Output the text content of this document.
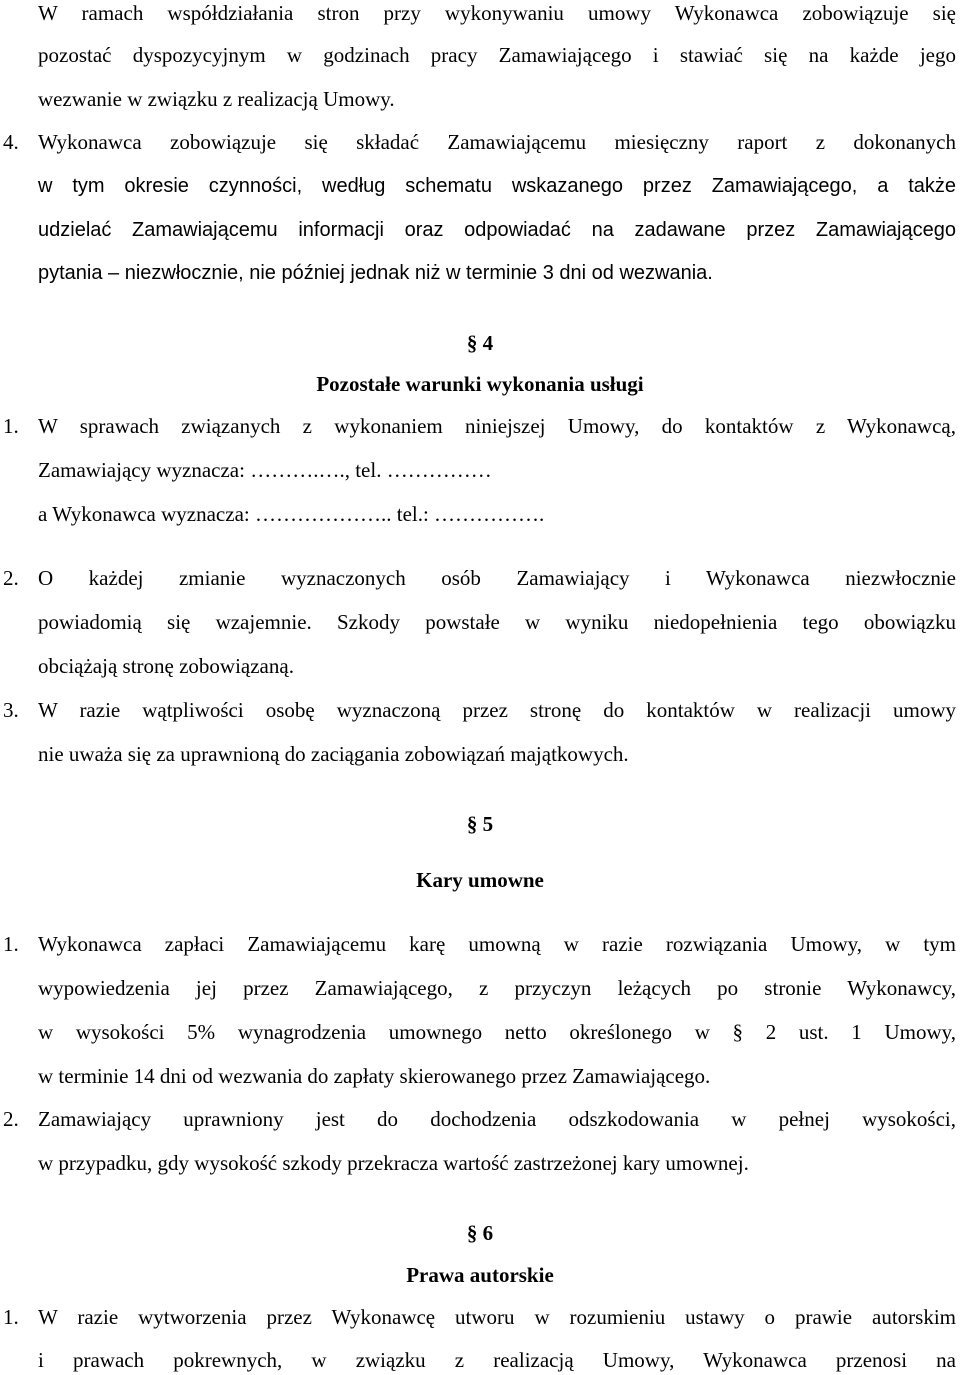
W ramach współdziałania stron przy wykonywaniu umowy Wykonawca zobowiązuje się
pozostać dyspozycyjnym w godzinach pracy Zamawiającego i stawiać się na każde jego
wezwanie w związku z realizacją Umowy.
4. Wykonawca zobowiązuje się składać Zamawiającemu miesięczny raport z dokonanych
w tym okresie czynności, według schematu wskazanego przez Zamawiającego, a także
udzielać Zamawiającemu informacji oraz odpowiadać na zadawane przez Zamawiającego
pytania – niezwłocznie, nie później jednak niż w terminie 3 dni od wezwania.
§ 4
Pozostałe warunki wykonania usługi
1. W sprawach związanych z wykonaniem niniejszej Umowy, do kontaktów z Wykonawcą,
Zamawiający wyznacza: ……….…., tel. ……………
a Wykonawca wyznacza: ……………….. tel.: …………….
2. O każdej zmianie wyznaczonych osób Zamawiający i Wykonawca niezwłocznie
powiadomią się wzajemnie. Szkody powstałe w wyniku niedopełnienia tego obowiązku
obciążają stronę zobowiązaną.
3. W razie wątpliwości osobę wyznaczoną przez stronę do kontaktów w realizacji umowy
nie uważa się za uprawnioną do zaciągania zobowiązań majątkowych.
§ 5
Kary umowne
1. Wykonawca zapłaci Zamawiającemu karę umowną w razie rozwiązania Umowy, w tym
wypowiedzenia jej przez Zamawiającego, z przyczyn leżących po stronie Wykonawcy,
w wysokości 5% wynagrodzenia umownego netto określonego w § 2 ust. 1 Umowy,
w terminie 14 dni od wezwania do zapłaty skierowanego przez Zamawiającego.
2. Zamawiający uprawniony jest do dochodzenia odszkodowania w pełnej wysokości,
w przypadku, gdy wysokość szkody przekracza wartość zastrzeżonej kary umownej.
§ 6
Prawa autorskie
1. W razie wytworzenia przez Wykonawcę utworu w rozumieniu ustawy o prawie autorskim
i prawach pokrewnych, w związku z realizacją Umowy, Wykonawca przenosi na
